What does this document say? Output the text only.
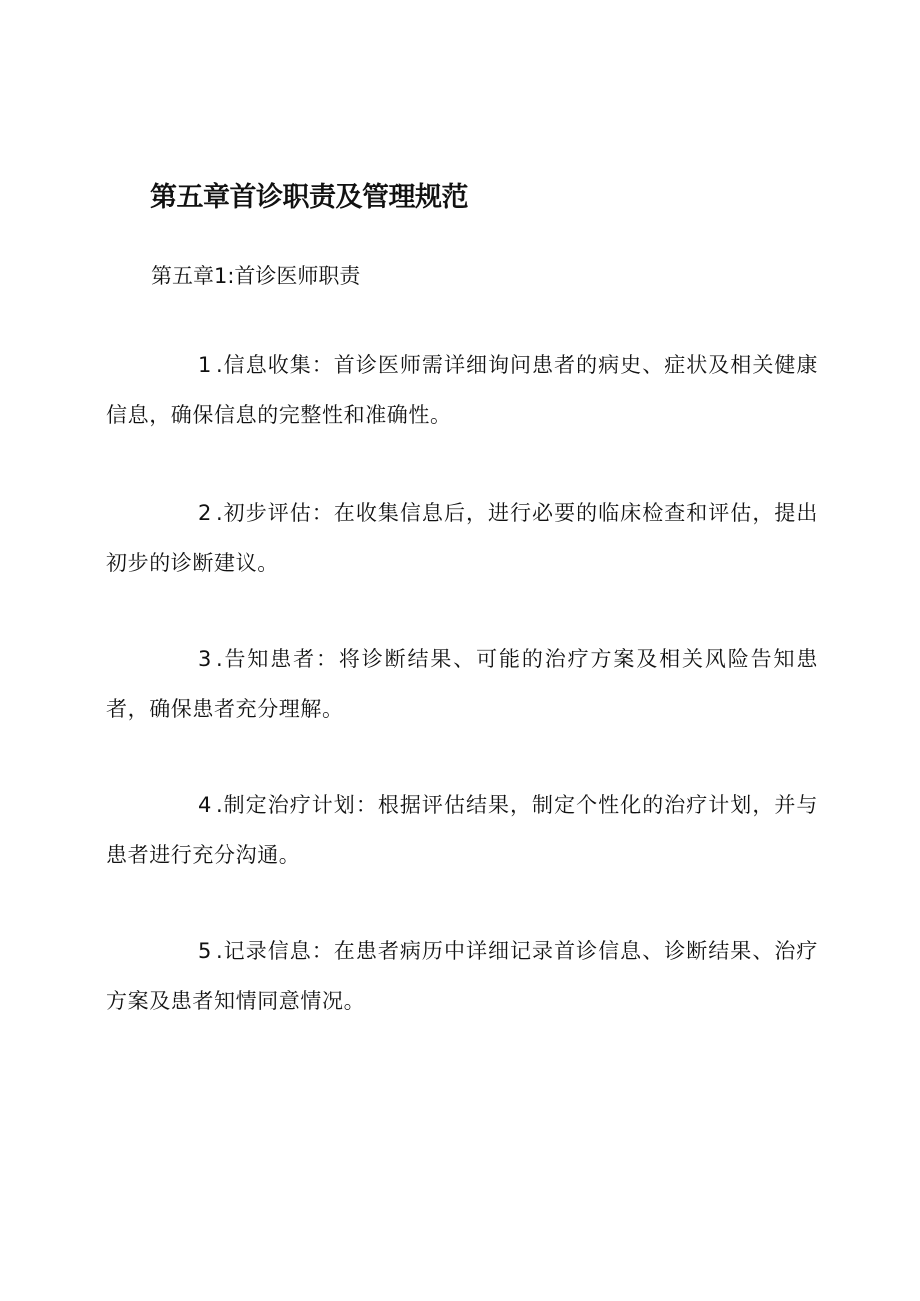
第五章首诊职责及管理规范
第五章1:首诊医师职责

1 .信息收集：首诊医师需详细询问患者的病史、症状及相关健康信息，确保信息的完整性和准确性。

2 .初步评估：在收集信息后，进行必要的临床检查和评估，提出初步的诊断建议。

3 .告知患者：将诊断结果、可能的治疗方案及相关风险告知患者，确保患者充分理解。

4 .制定治疗计划：根据评估结果，制定个性化的治疗计划，并与患者进行充分沟通。

5 .记录信息：在患者病历中详细记录首诊信息、诊断结果、治疗方案及患者知情同意情况。
